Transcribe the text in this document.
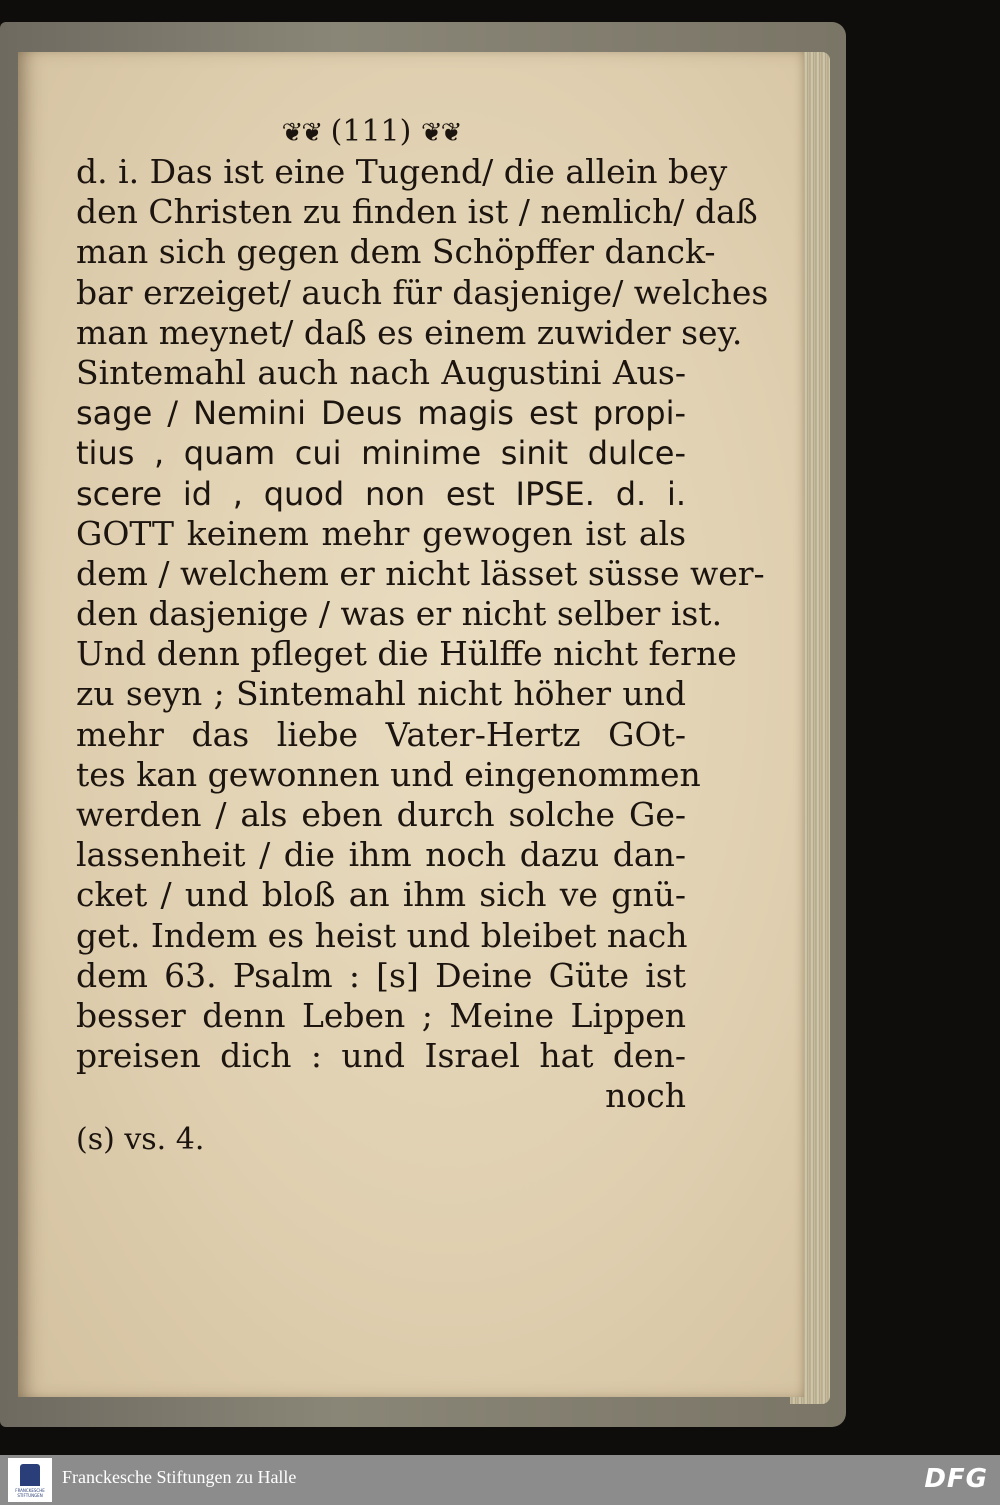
❦❦ (111) ❦❦
d. i. Das ist eine Tugend/ die allein bey
den Christen zu finden ist / nemlich/ daß
man sich gegen dem Schöpffer danck-
bar erzeiget/ auch für dasjenige/ welches
man meynet/ daß es einem zuwider sey.
Sintemahl auch nach Augustini Aus-
sage / Nemini Deus magis est propi-
tius , quam cui minime sinit dulce-
scere id , quod non est IPSE. d. i.
GOTT keinem mehr gewogen ist als
dem / welchem er nicht lässet süsse wer-
den dasjenige / was er nicht selber ist.
Und denn pfleget die Hülffe nicht ferne
zu seyn ; Sintemahl nicht höher und
mehr das liebe Vater-Hertz GOt-
tes kan gewonnen und eingenommen
werden / als eben durch solche Ge-
lassenheit / die ihm noch dazu dan-
cket / und bloß an ihm sich ve gnü-
get. Indem es heist und bleibet nach
dem 63. Psalm : [s] Deine Güte ist
besser denn Leben ; Meine Lippen
preisen dich : und Israel hat den-
noch
(s) vs. 4.
FRANCKESCHE STIFTUNGEN
Franckesche Stiftungen zu Halle	DFG
